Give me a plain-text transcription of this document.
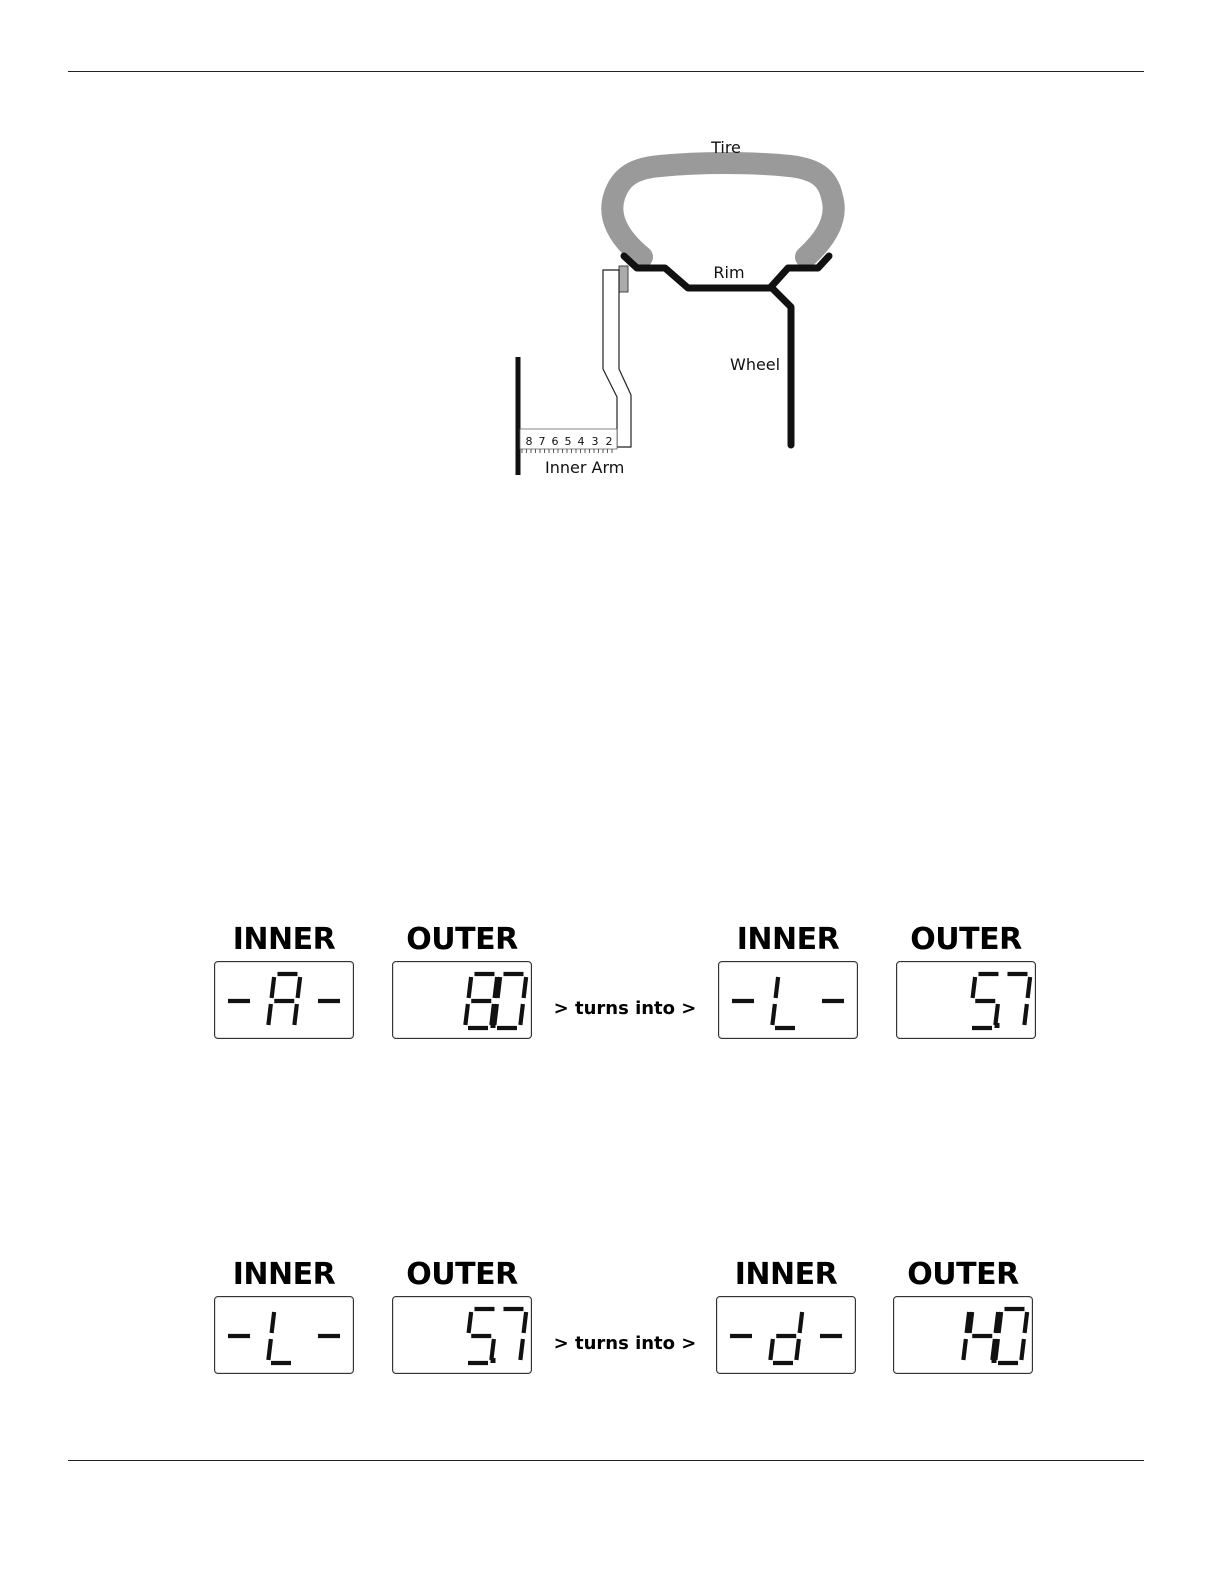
8 7 6 5 4 3 2
Tire
Rim
Wheel
Inner Arm
INNER	OUTER
> turns into >
INNER	OUTER
INNER	OUTER
> turns into >
INNER	OUTER
